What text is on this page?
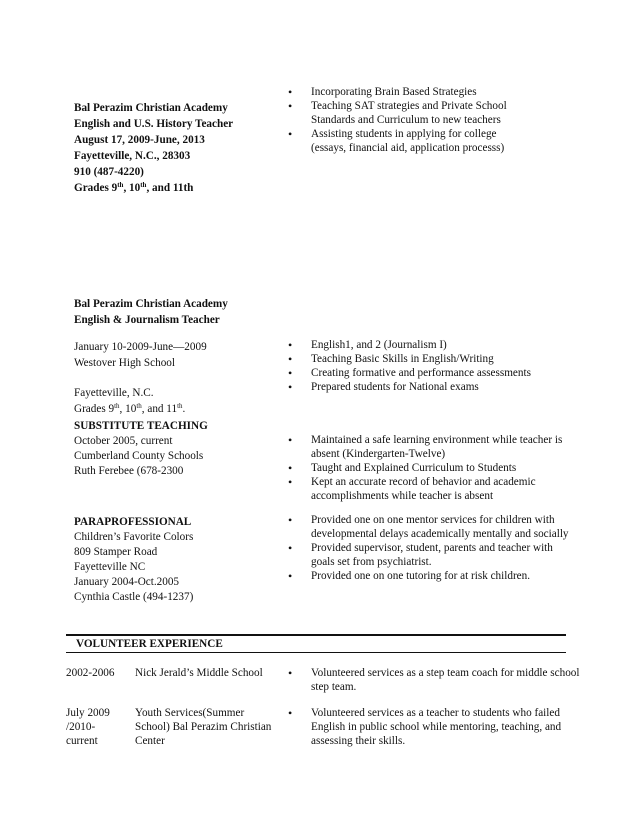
Bal Perazim Christian Academy
English and U.S. History Teacher
August 17, 2009-June, 2013
Fayetteville, N.C., 28303
910 (487-4220)
Grades 9th, 10th, and 11th
• Incorporating Brain Based Strategies
• Teaching SAT strategies and Private School
Standards and Curriculum to new teachers
• Assisting students in applying for college
(essays, financial aid, application processs)
Bal Perazim Christian Academy
English & Journalism Teacher
January 10-2009-June—2009
Westover High School
Fayetteville, N.C.
Grades 9th, 10th, and 11th.
• English1, and 2 (Journalism I)
• Teaching Basic Skills in English/Writing
• Creating formative and performance assessments
• Prepared students for National exams
SUBSTITUTE TEACHING
October 2005, current
Cumberland County Schools
Ruth Ferebee (678-2300
• Maintained a safe learning environment while teacher is
absent (Kindergarten-Twelve)
• Taught and Explained Curriculum to Students
• Kept an accurate record of behavior and academic
accomplishments while teacher is absent
PARAPROFESSIONAL
Children’s Favorite Colors
809 Stamper Road
Fayetteville NC
January 2004-Oct.2005
Cynthia Castle (494-1237)
• Provided one on one mentor services for children with
developmental delays academically mentally and socially
• Provided supervisor, student, parents and teacher with
goals set from psychiatrist.
• Provided one on one tutoring for at risk children.
VOLUNTEER EXPERIENCE
2002-2006 Nick Jerald’s Middle School
•	Volunteered services as a step team coach for middle school
step team.
July 2009
/2010-
current
Youth Services(Summer
School) Bal Perazim Christian
Center
• Volunteered services as a teacher to students who failed
English in public school while mentoring, teaching, and
assessing their skills.
